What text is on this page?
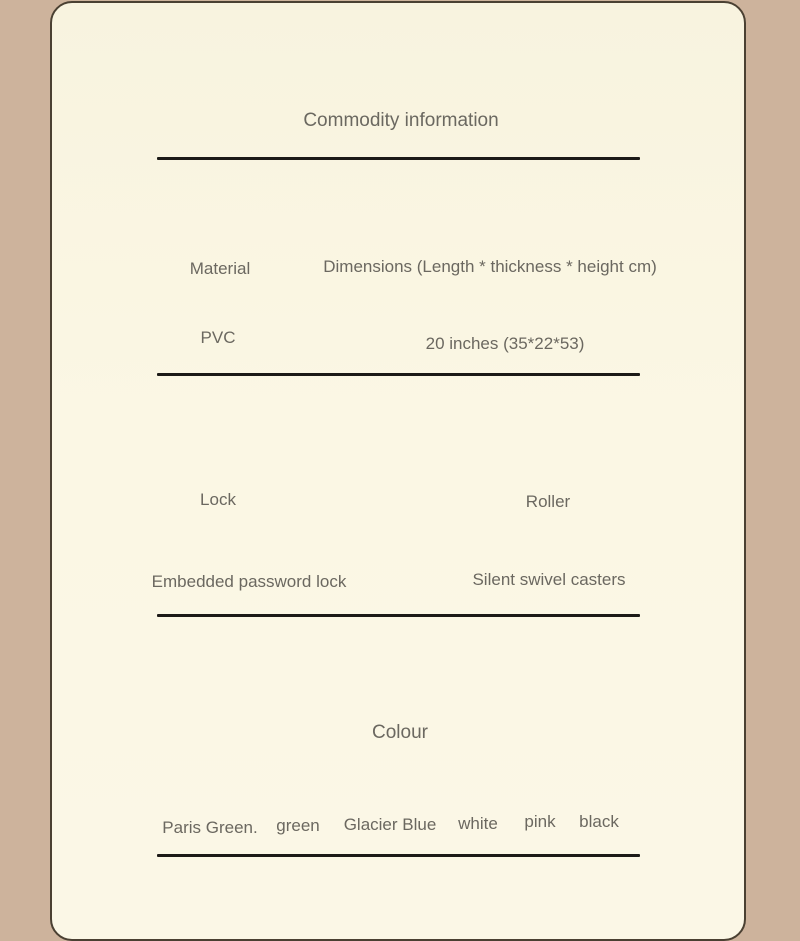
Commodity information
Material	Dimensions (Length * thickness * height cm)
PVC	20 inches (35*22*53)
Lock	Roller
Embedded password lock	Silent swivel casters
Colour
Paris Green. green Glacier Blue white pink black
